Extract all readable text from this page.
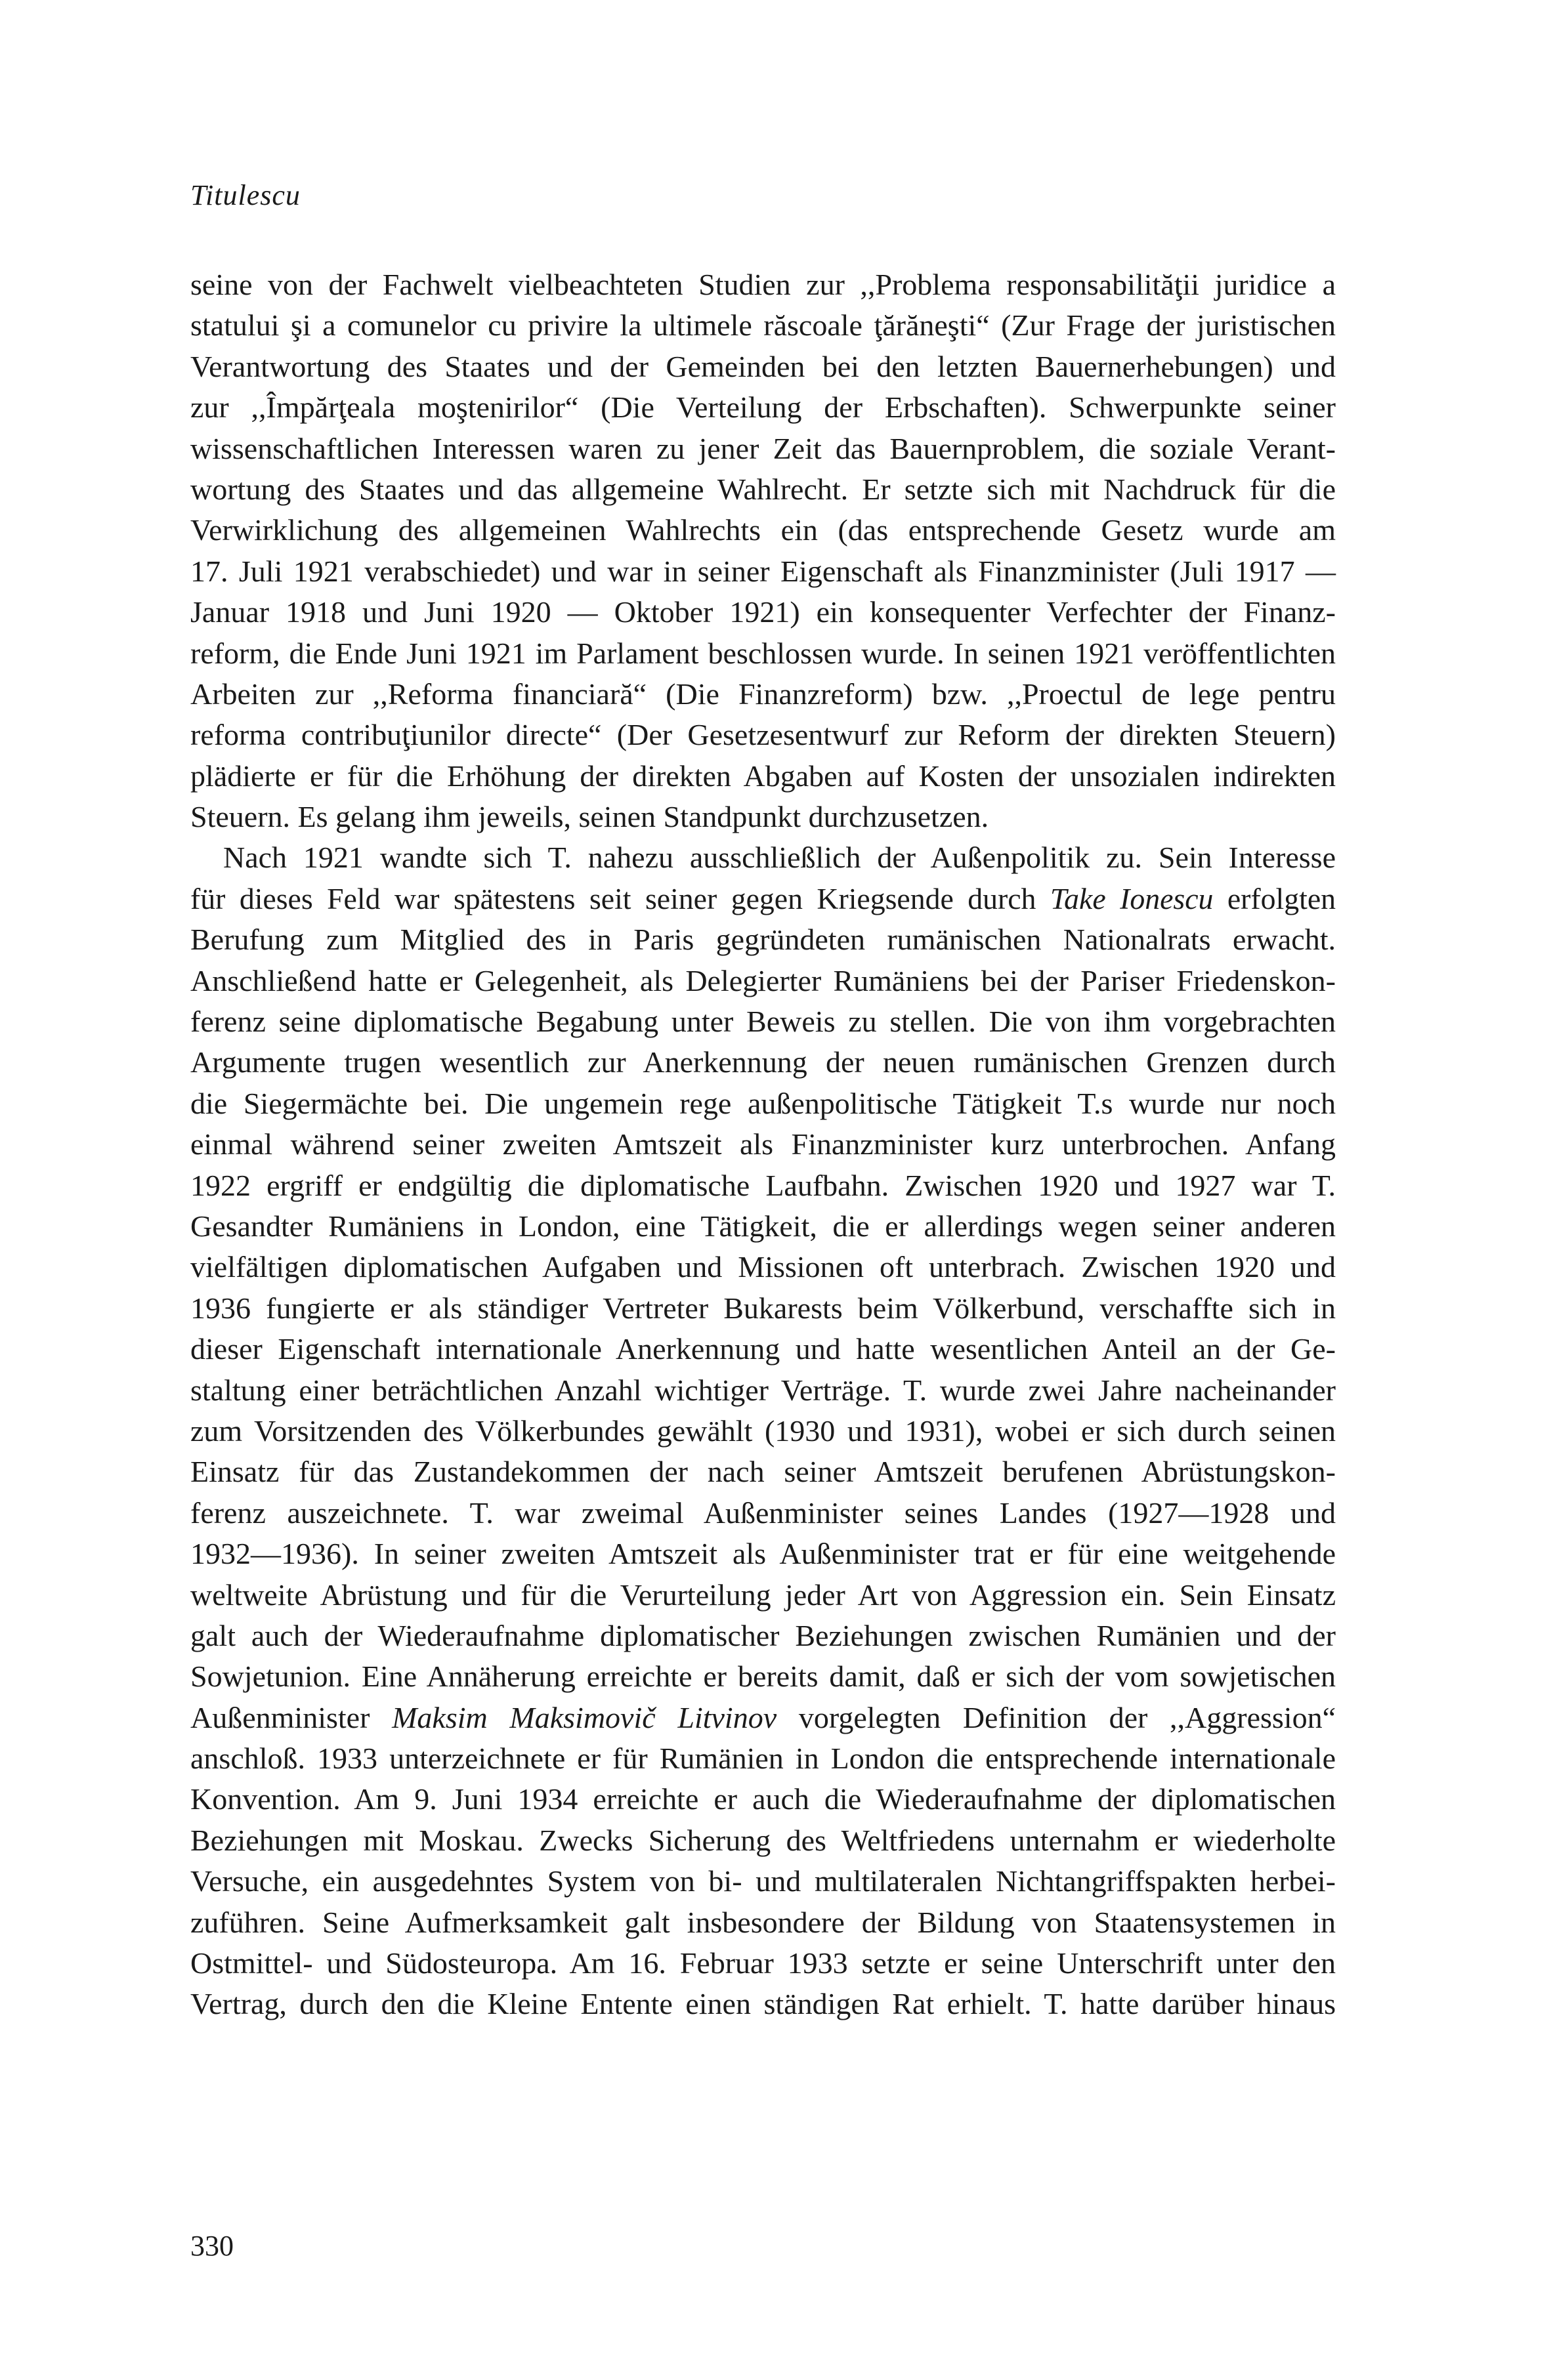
Titulescu
seine von der Fachwelt vielbeachteten Studien zur ,,Problema responsabilităţii juridice a
statului şi a comunelor cu privire la ultimele răscoale ţărăneşti“ (Zur Frage der juristischen
Verantwortung des Staates und der Gemeinden bei den letzten Bauernerhebungen) und
zur ,,Împărţeala moştenirilor“ (Die Verteilung der Erbschaften). Schwerpunkte seiner
wissenschaftlichen Interessen waren zu jener Zeit das Bauernproblem, die soziale Verant-
wortung des Staates und das allgemeine Wahlrecht. Er setzte sich mit Nachdruck für die
Verwirklichung des allgemeinen Wahlrechts ein (das entsprechende Gesetz wurde am
17. Juli 1921 verabschiedet) und war in seiner Eigenschaft als Finanzminister (Juli 1917 —
Januar 1918 und Juni 1920 — Oktober 1921) ein konsequenter Verfechter der Finanz-
reform, die Ende Juni 1921 im Parlament beschlossen wurde. In seinen 1921 veröffentlichten
Arbeiten zur ,,Reforma financiară“ (Die Finanzreform) bzw. ,,Proectul de lege pentru
reforma contribuţiunilor directe“ (Der Gesetzesentwurf zur Reform der direkten Steuern)
plädierte er für die Erhöhung der direkten Abgaben auf Kosten der unsozialen indirekten
Steuern. Es gelang ihm jeweils, seinen Standpunkt durchzusetzen.
Nach 1921 wandte sich T. nahezu ausschließlich der Außenpolitik zu. Sein Interesse
für dieses Feld war spätestens seit seiner gegen Kriegsende durch Take Ionescu erfolgten
Berufung zum Mitglied des in Paris gegründeten rumänischen Nationalrats erwacht.
Anschließend hatte er Gelegenheit, als Delegierter Rumäniens bei der Pariser Friedenskon-
ferenz seine diplomatische Begabung unter Beweis zu stellen. Die von ihm vorgebrachten
Argumente trugen wesentlich zur Anerkennung der neuen rumänischen Grenzen durch
die Siegermächte bei. Die ungemein rege außenpolitische Tätigkeit T.s wurde nur noch
einmal während seiner zweiten Amtszeit als Finanzminister kurz unterbrochen. Anfang
1922 ergriff er endgültig die diplomatische Laufbahn. Zwischen 1920 und 1927 war T.
Gesandter Rumäniens in London, eine Tätigkeit, die er allerdings wegen seiner anderen
vielfältigen diplomatischen Aufgaben und Missionen oft unterbrach. Zwischen 1920 und
1936 fungierte er als ständiger Vertreter Bukarests beim Völkerbund, verschaffte sich in
dieser Eigenschaft internationale Anerkennung und hatte wesentlichen Anteil an der Ge-
staltung einer beträchtlichen Anzahl wichtiger Verträge. T. wurde zwei Jahre nacheinander
zum Vorsitzenden des Völkerbundes gewählt (1930 und 1931), wobei er sich durch seinen
Einsatz für das Zustandekommen der nach seiner Amtszeit berufenen Abrüstungskon-
ferenz auszeichnete. T. war zweimal Außenminister seines Landes (1927—1928 und
1932—1936). In seiner zweiten Amtszeit als Außenminister trat er für eine weitgehende
weltweite Abrüstung und für die Verurteilung jeder Art von Aggression ein. Sein Einsatz
galt auch der Wiederaufnahme diplomatischer Beziehungen zwischen Rumänien und der
Sowjetunion. Eine Annäherung erreichte er bereits damit, daß er sich der vom sowjetischen
Außenminister Maksim Maksimovič Litvinov vorgelegten Definition der ,,Aggression“
anschloß. 1933 unterzeichnete er für Rumänien in London die entsprechende internationale
Konvention. Am 9. Juni 1934 erreichte er auch die Wiederaufnahme der diplomatischen
Beziehungen mit Moskau. Zwecks Sicherung des Weltfriedens unternahm er wiederholte
Versuche, ein ausgedehntes System von bi- und multilateralen Nichtangriffspakten herbei-
zuführen. Seine Aufmerksamkeit galt insbesondere der Bildung von Staatensystemen in
Ostmittel- und Südosteuropa. Am 16. Februar 1933 setzte er seine Unterschrift unter den
Vertrag, durch den die Kleine Entente einen ständigen Rat erhielt. T. hatte darüber hinaus
330
